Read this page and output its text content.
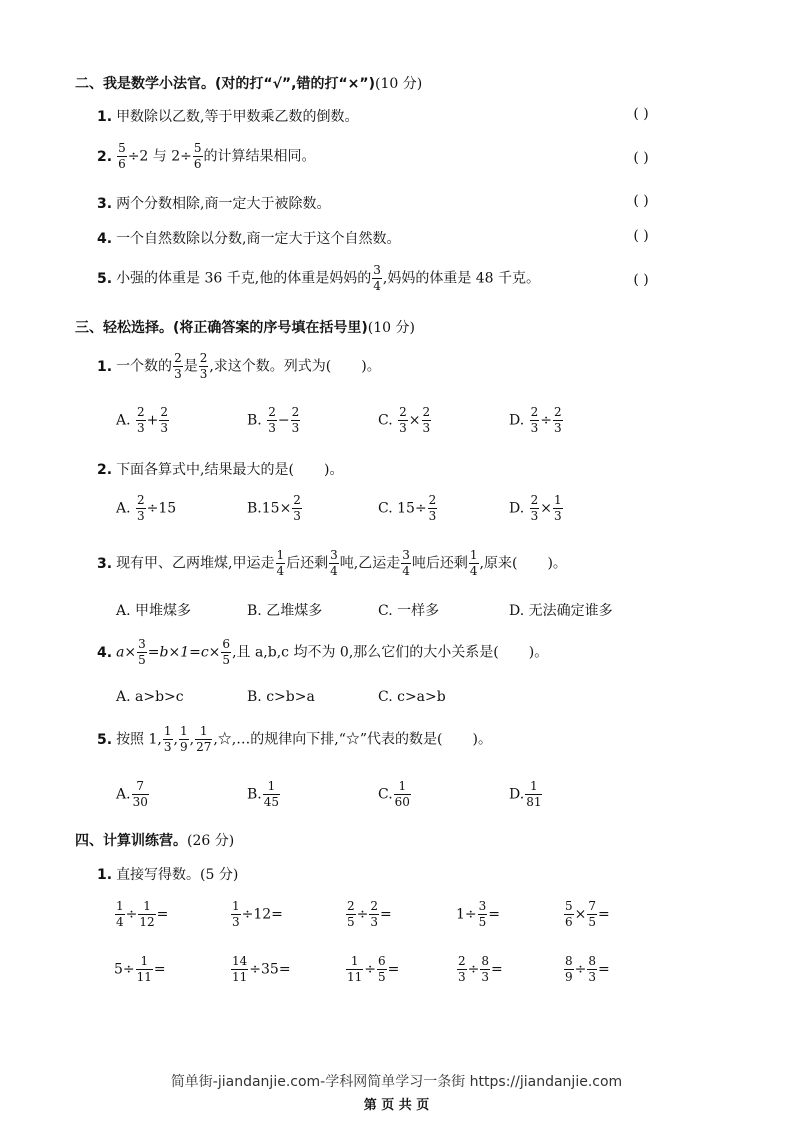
二、我是数学小法官。(对的打“√”,错的打“×”)(10 分)
1. 甲数除以乙数,等于甲数乘乙数的倒数。	( )
2. $\frac{5}{6} \div 2$ 与 $2\div \frac{5}{6}$ 的计算结果相同。	( )
3. 两个分数相除,商一定大于被除数。	( )
4. 一个自然数除以分数,商一定大于这个自然数。	( )
5. 小强的体重是 36 千克,他的体重是妈妈的 $\frac{3}{4}$ ,妈妈的体重是 48 千克。	( )
三、轻松选择。(将正确答案的序号填在括号里)(10 分)
1. 一个数的 $\frac{2}{3}$ 是 $\frac{2}{3}$ ,求这个数。列式为( )。
A. $\frac{2}{3} + \frac{2}{3}$	B. $\frac{2}{3} - \frac{2}{3}$	C. $\frac{2}{3} \times \frac{2}{3}$	D. $\frac{2}{3} \div \frac{2}{3}$
2. 下面各算式中,结果最大的是( )。
A. $\frac{2}{3} \div 15$	$B.15\times \frac{2}{3}$	C. $15\div \frac{2}{3}$	D. $\frac{2}{3} \times \frac{1}{3}$
3. 现有甲、乙两堆煤,甲运走 $\frac{1}{4}$ 后还剩 $\frac{3}{4}$ 吨,乙运走 $\frac{3}{4}$ 吨后还剩 $\frac{1}{4}$ ,原来( )。
A. 甲堆煤多	B. 乙堆煤多	C. 一样多	D. 无法确定谁多
4. $a\times \frac{3}{5} =b\times 1=c\times \frac{6}{5}$ ,且 a,b,c 均不为 0,那么它们的大小关系是( )。
A. a>b>c	B. c>b>a	C. c>a>b
5. 按照 1, $\frac{1}{3}$ , $\frac{1}{9}$ , $\frac{1}{27}$ ,☆,…的规律向下排,“☆”代表的数是( )。
A. $\frac{7}{30}$	B. $\frac{1}{45}$	C. $\frac{1}{60}$	D. $\frac{1}{81}$
四、计算训练营。(26 分)
1. 直接写得数。(5 分)
$\frac{1}{4} \div \frac{1}{12}$ =	$\frac{1}{3} \div 12=$	$\frac{2}{5} \div \frac{2}{3}$ =	$1\div \frac{3}{5}$ =	$\frac{5}{6} \times \frac{7}{5}$ =
$5\div \frac{1}{11}$ =	$\frac{14}{11} \div 35=$	$\frac{1}{11} \div \frac{6}{5}$ =	$\frac{2}{3} \div \frac{8}{3}$ =	$\frac{8}{9} \div \frac{8}{3}$ =
简单街-jiandanjie.com-学科网简单学习一条街 https://jiandanjie.com
第 页 共 页
